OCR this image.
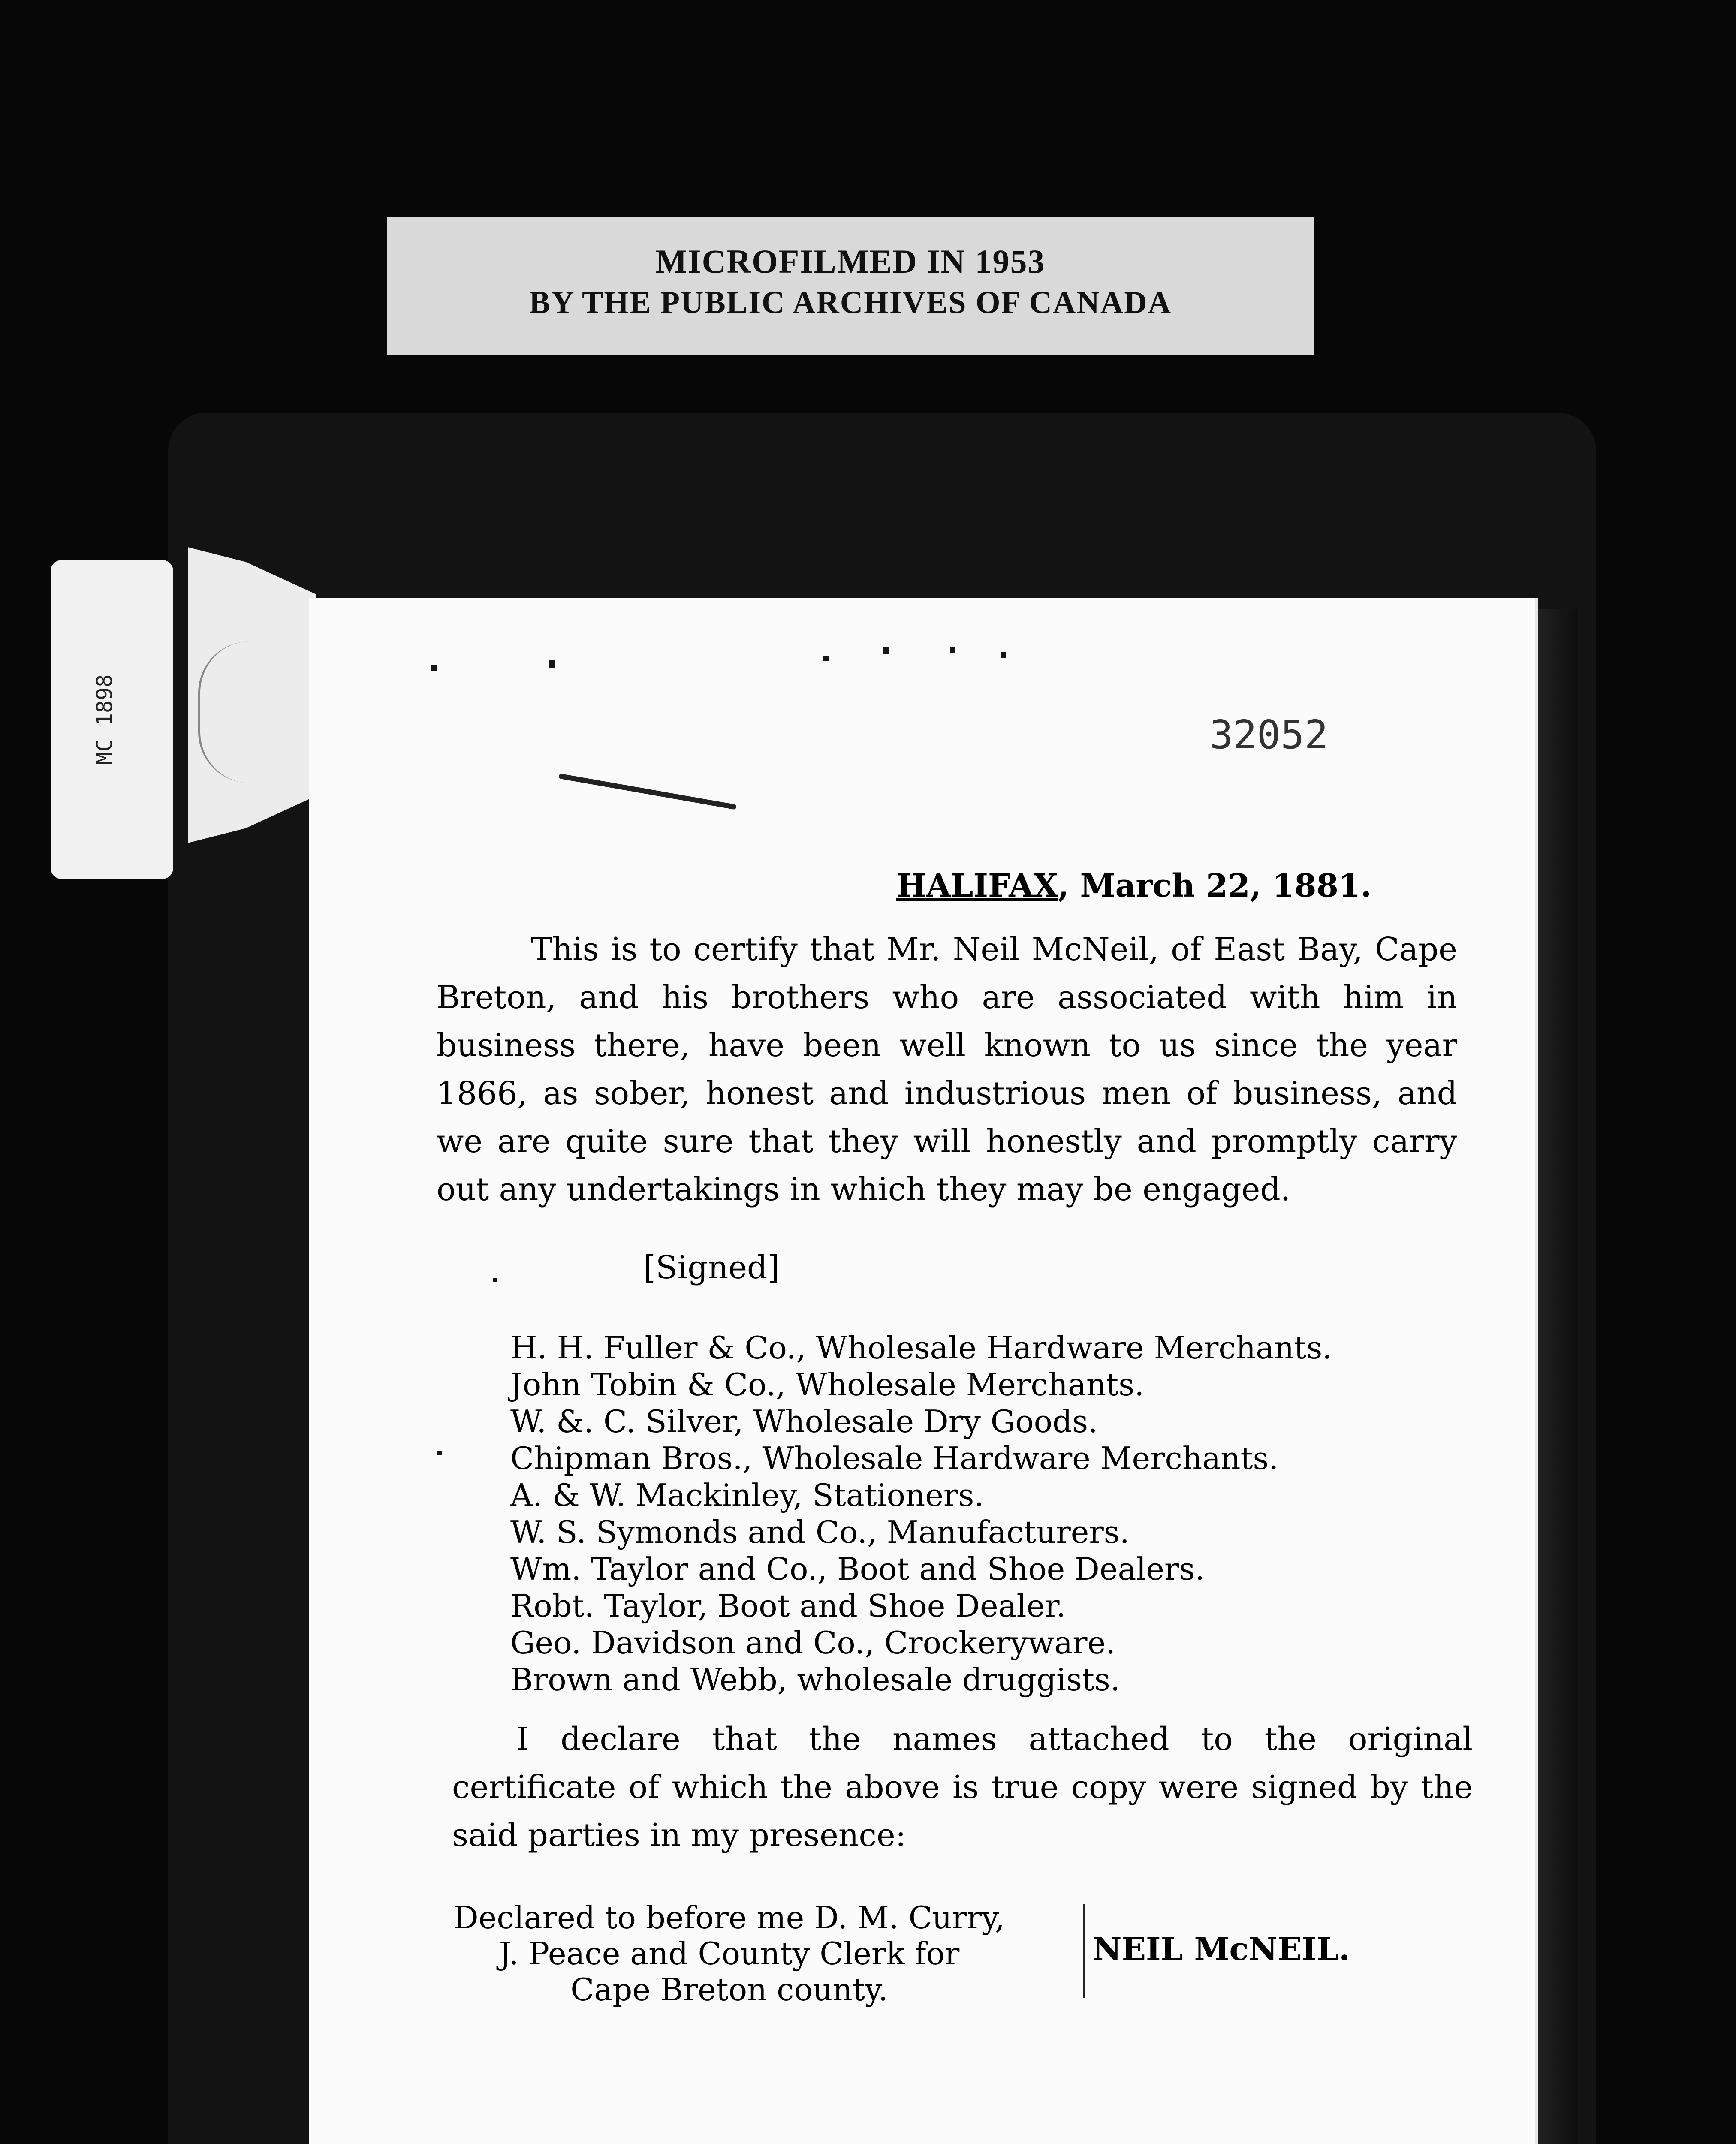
MICROFILMED IN 1953
BY THE PUBLIC ARCHIVES OF CANADA
MC 1898	32052
HALIFAX, March 22, 1881.
This is to certify that Mr. Neil McNeil, of East Bay, Cape Breton, and his brothers who are associated with him in business there, have been well known to us since the year 1866, as sober, honest and industrious men of business, and we are quite sure that they will honestly and promptly carry out any undertakings in which they may be engaged.
[Signed]
H. H. Fuller & Co., Wholesale Hardware Merchants.
John Tobin & Co., Wholesale Merchants.
W. &. C. Silver, Wholesale Dry Goods.
Chipman Bros., Wholesale Hardware Merchants.
A. & W. Mackinley, Stationers.
W. S. Symonds and Co., Manufacturers.
Wm. Taylor and Co., Boot and Shoe Dealers.
Robt. Taylor, Boot and Shoe Dealer.
Geo. Davidson and Co., Crockeryware.
Brown and Webb, wholesale druggists.
I declare that the names attached to the original certificate of which the above is true copy were signed by the said parties in my presence:
Declared to before me D. M. Curry,
J. Peace and County Clerk for
Cape Breton county.
NEIL McNEIL.
